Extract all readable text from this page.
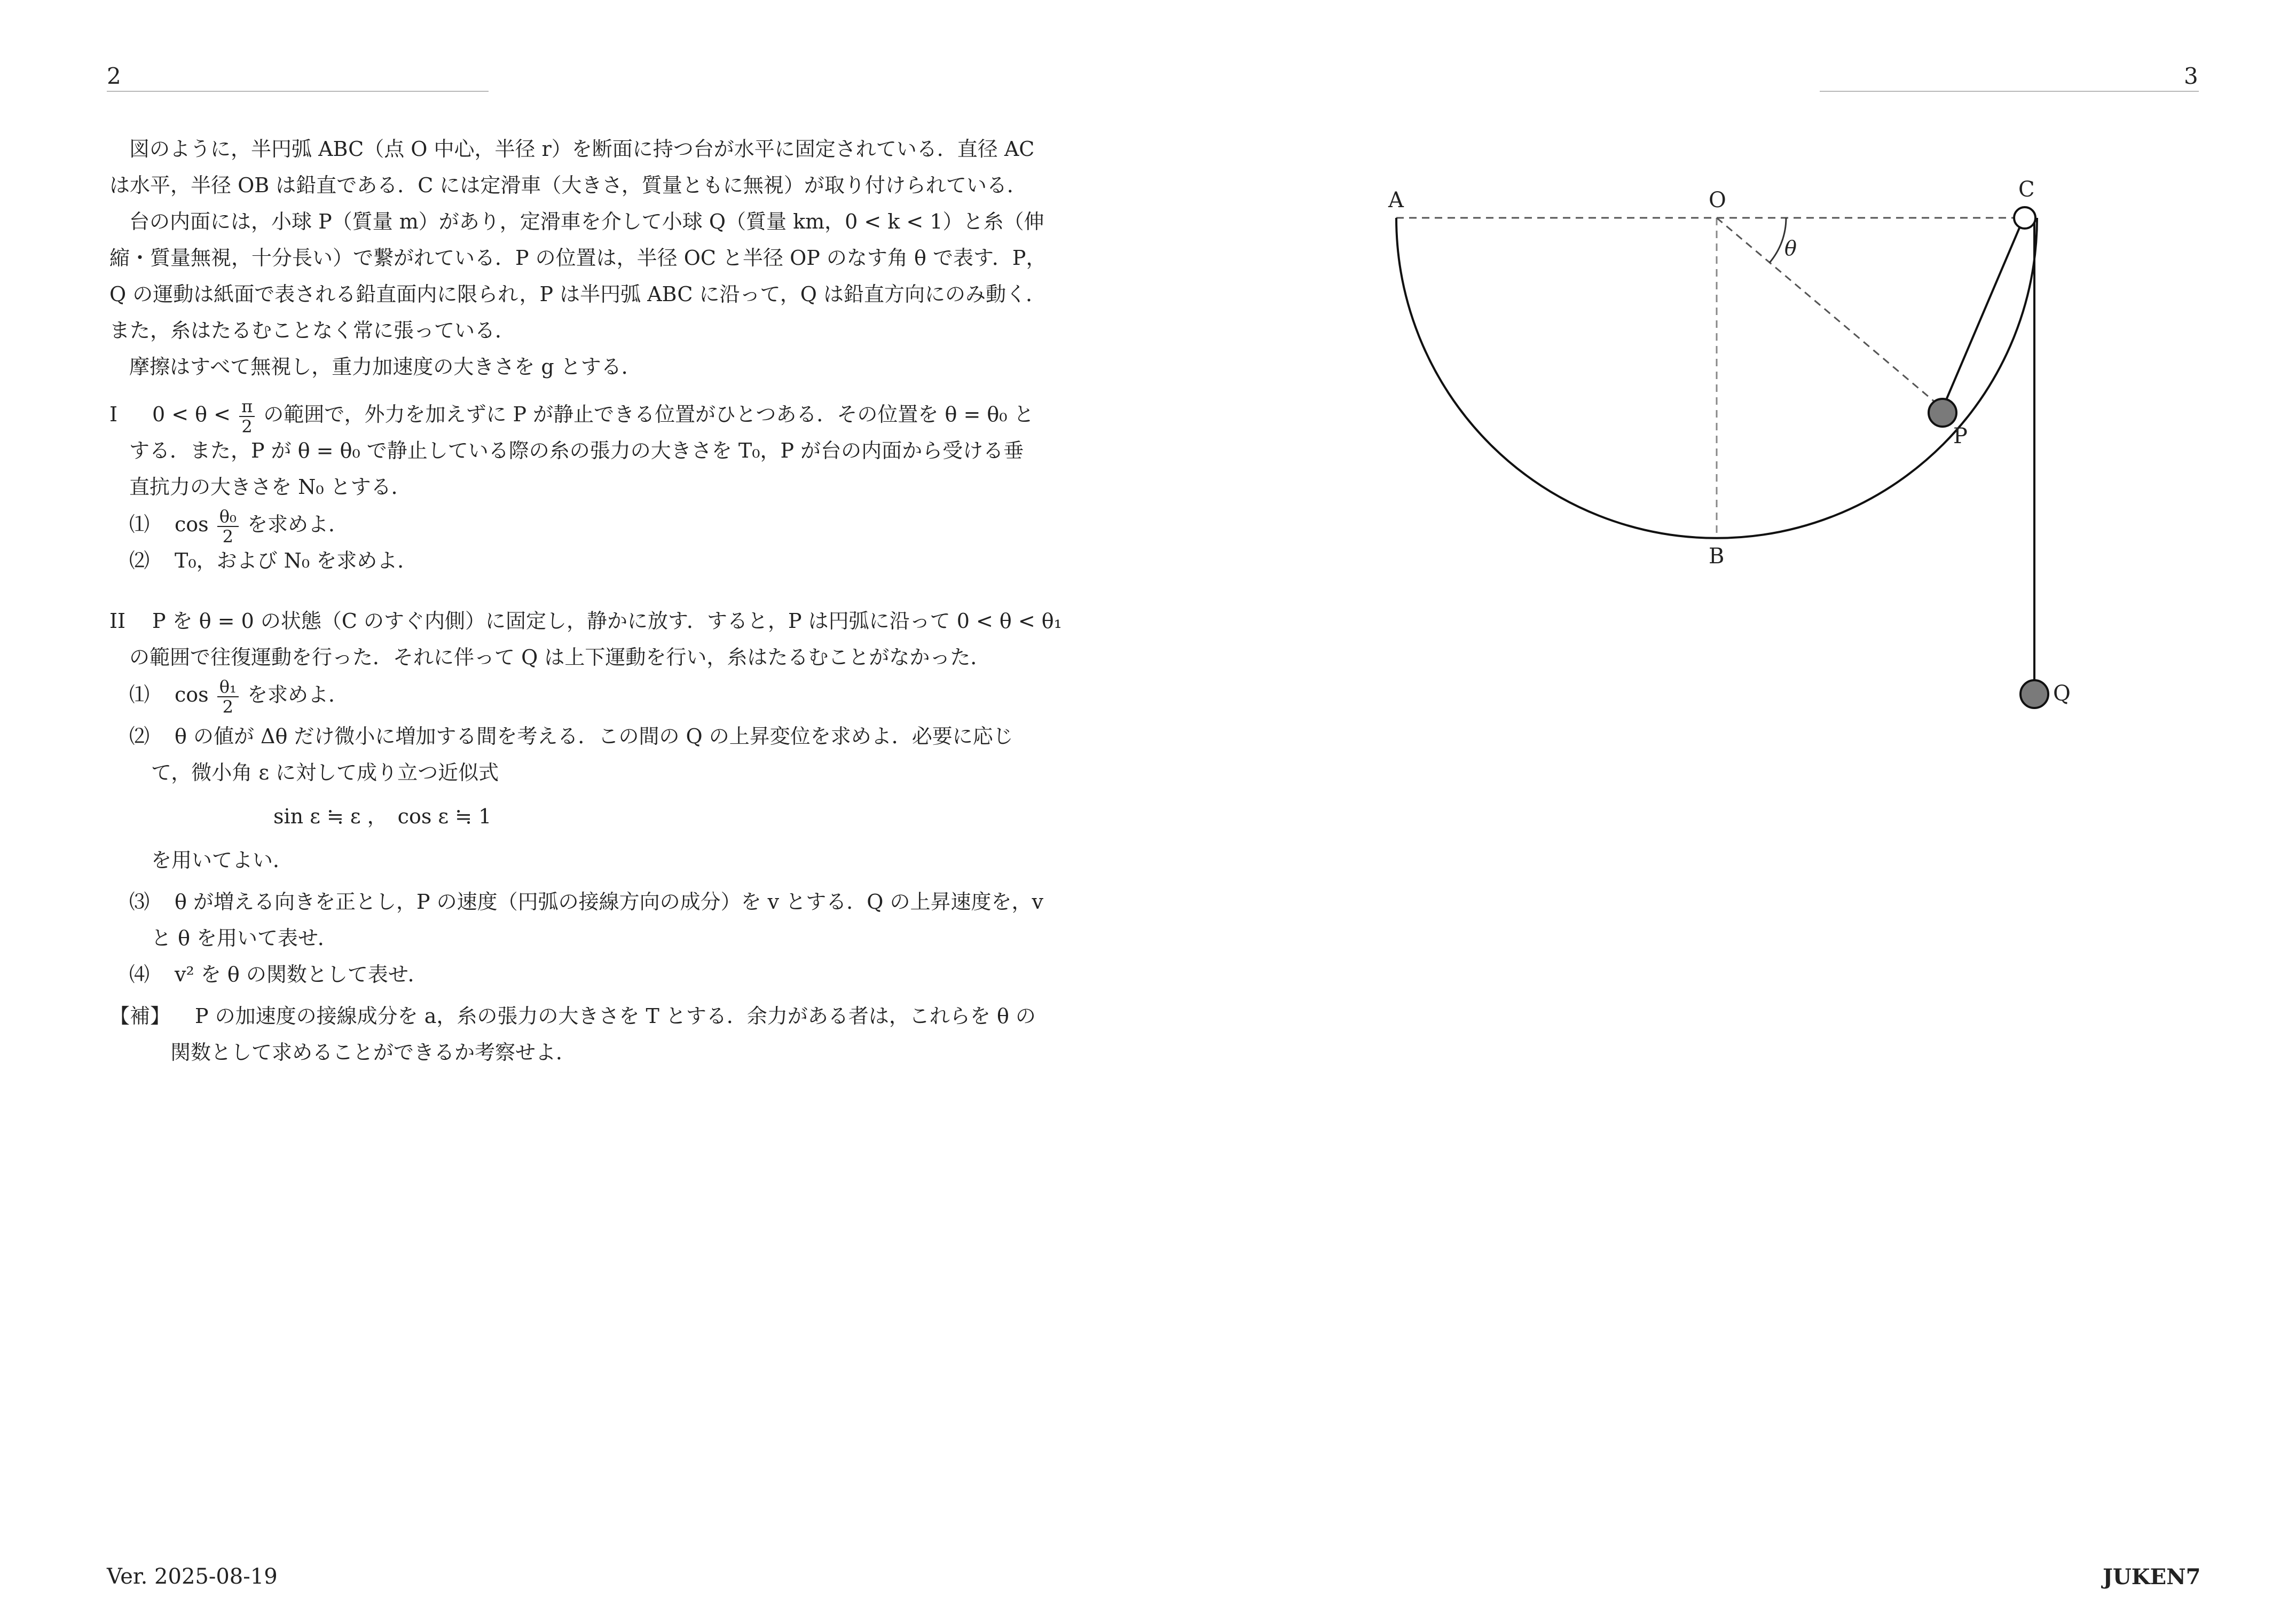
2	3
図のように，半円弧 ABC（点 O 中心，半径 r）を断面に持つ台が水平に固定されている．直径 AC
は水平，半径 OB は鉛直である．C には定滑車（大きさ，質量ともに無視）が取り付けられている．
台の内面には，小球 P（質量 m）があり，定滑車を介して小球 Q（質量 km，0 < k < 1）と糸（伸
縮・質量無視，十分長い）で繋がれている．P の位置は，半径 OC と半径 OP のなす角 θ で表す．P，
Q の運動は紙面で表される鉛直面内に限られ，P は半円弧 ABC に沿って，Q は鉛直方向にのみ動く．
また，糸はたるむことなく常に張っている．
摩擦はすべて無視し，重力加速度の大きさを g とする．
I $0 < \theta < \frac{\pi}{2}$ の範囲で，外力を加えずに P が静止できる位置がひとつある．その位置を θ = θ₀ と
する．また，P が θ = θ₀ で静止している際の糸の張力の大きさを T₀，P が台の内面から受ける垂
直抗力の大きさを N₀ とする．
⑴ $\cos \frac{\text{θ₀}}{2}$ を求めよ．
⑵ T₀，および N₀ を求めよ．
II P を θ = 0 の状態（C のすぐ内側）に固定し，静かに放す．すると，P は円弧に沿って 0 < θ < θ₁
の範囲で往復運動を行った．それに伴って Q は上下運動を行い，糸はたるむことがなかった．
⑴ $\cos \frac{\text{θ₁}}{2}$ を求めよ．
⑵ θ の値が Δθ だけ微小に増加する間を考える．この間の Q の上昇変位を求めよ．必要に応じ
て，微小角 ε に対して成り立つ近似式
sin ε ≒ ε ，　cos ε ≒ 1
を用いてよい．
⑶ θ が増える向きを正とし，P の速度（円弧の接線方向の成分）を v とする．Q の上昇速度を，v
と θ を用いて表せ．
⑷ v² を θ の関数として表せ．
【補】 P の加速度の接線成分を a，糸の張力の大きさを T とする．余力がある者は，これらを θ の
関数として求めることができるか考察せよ．
A	O	C
B
P
Q
θ
Ver. 2025-08-19	JUKEN7
